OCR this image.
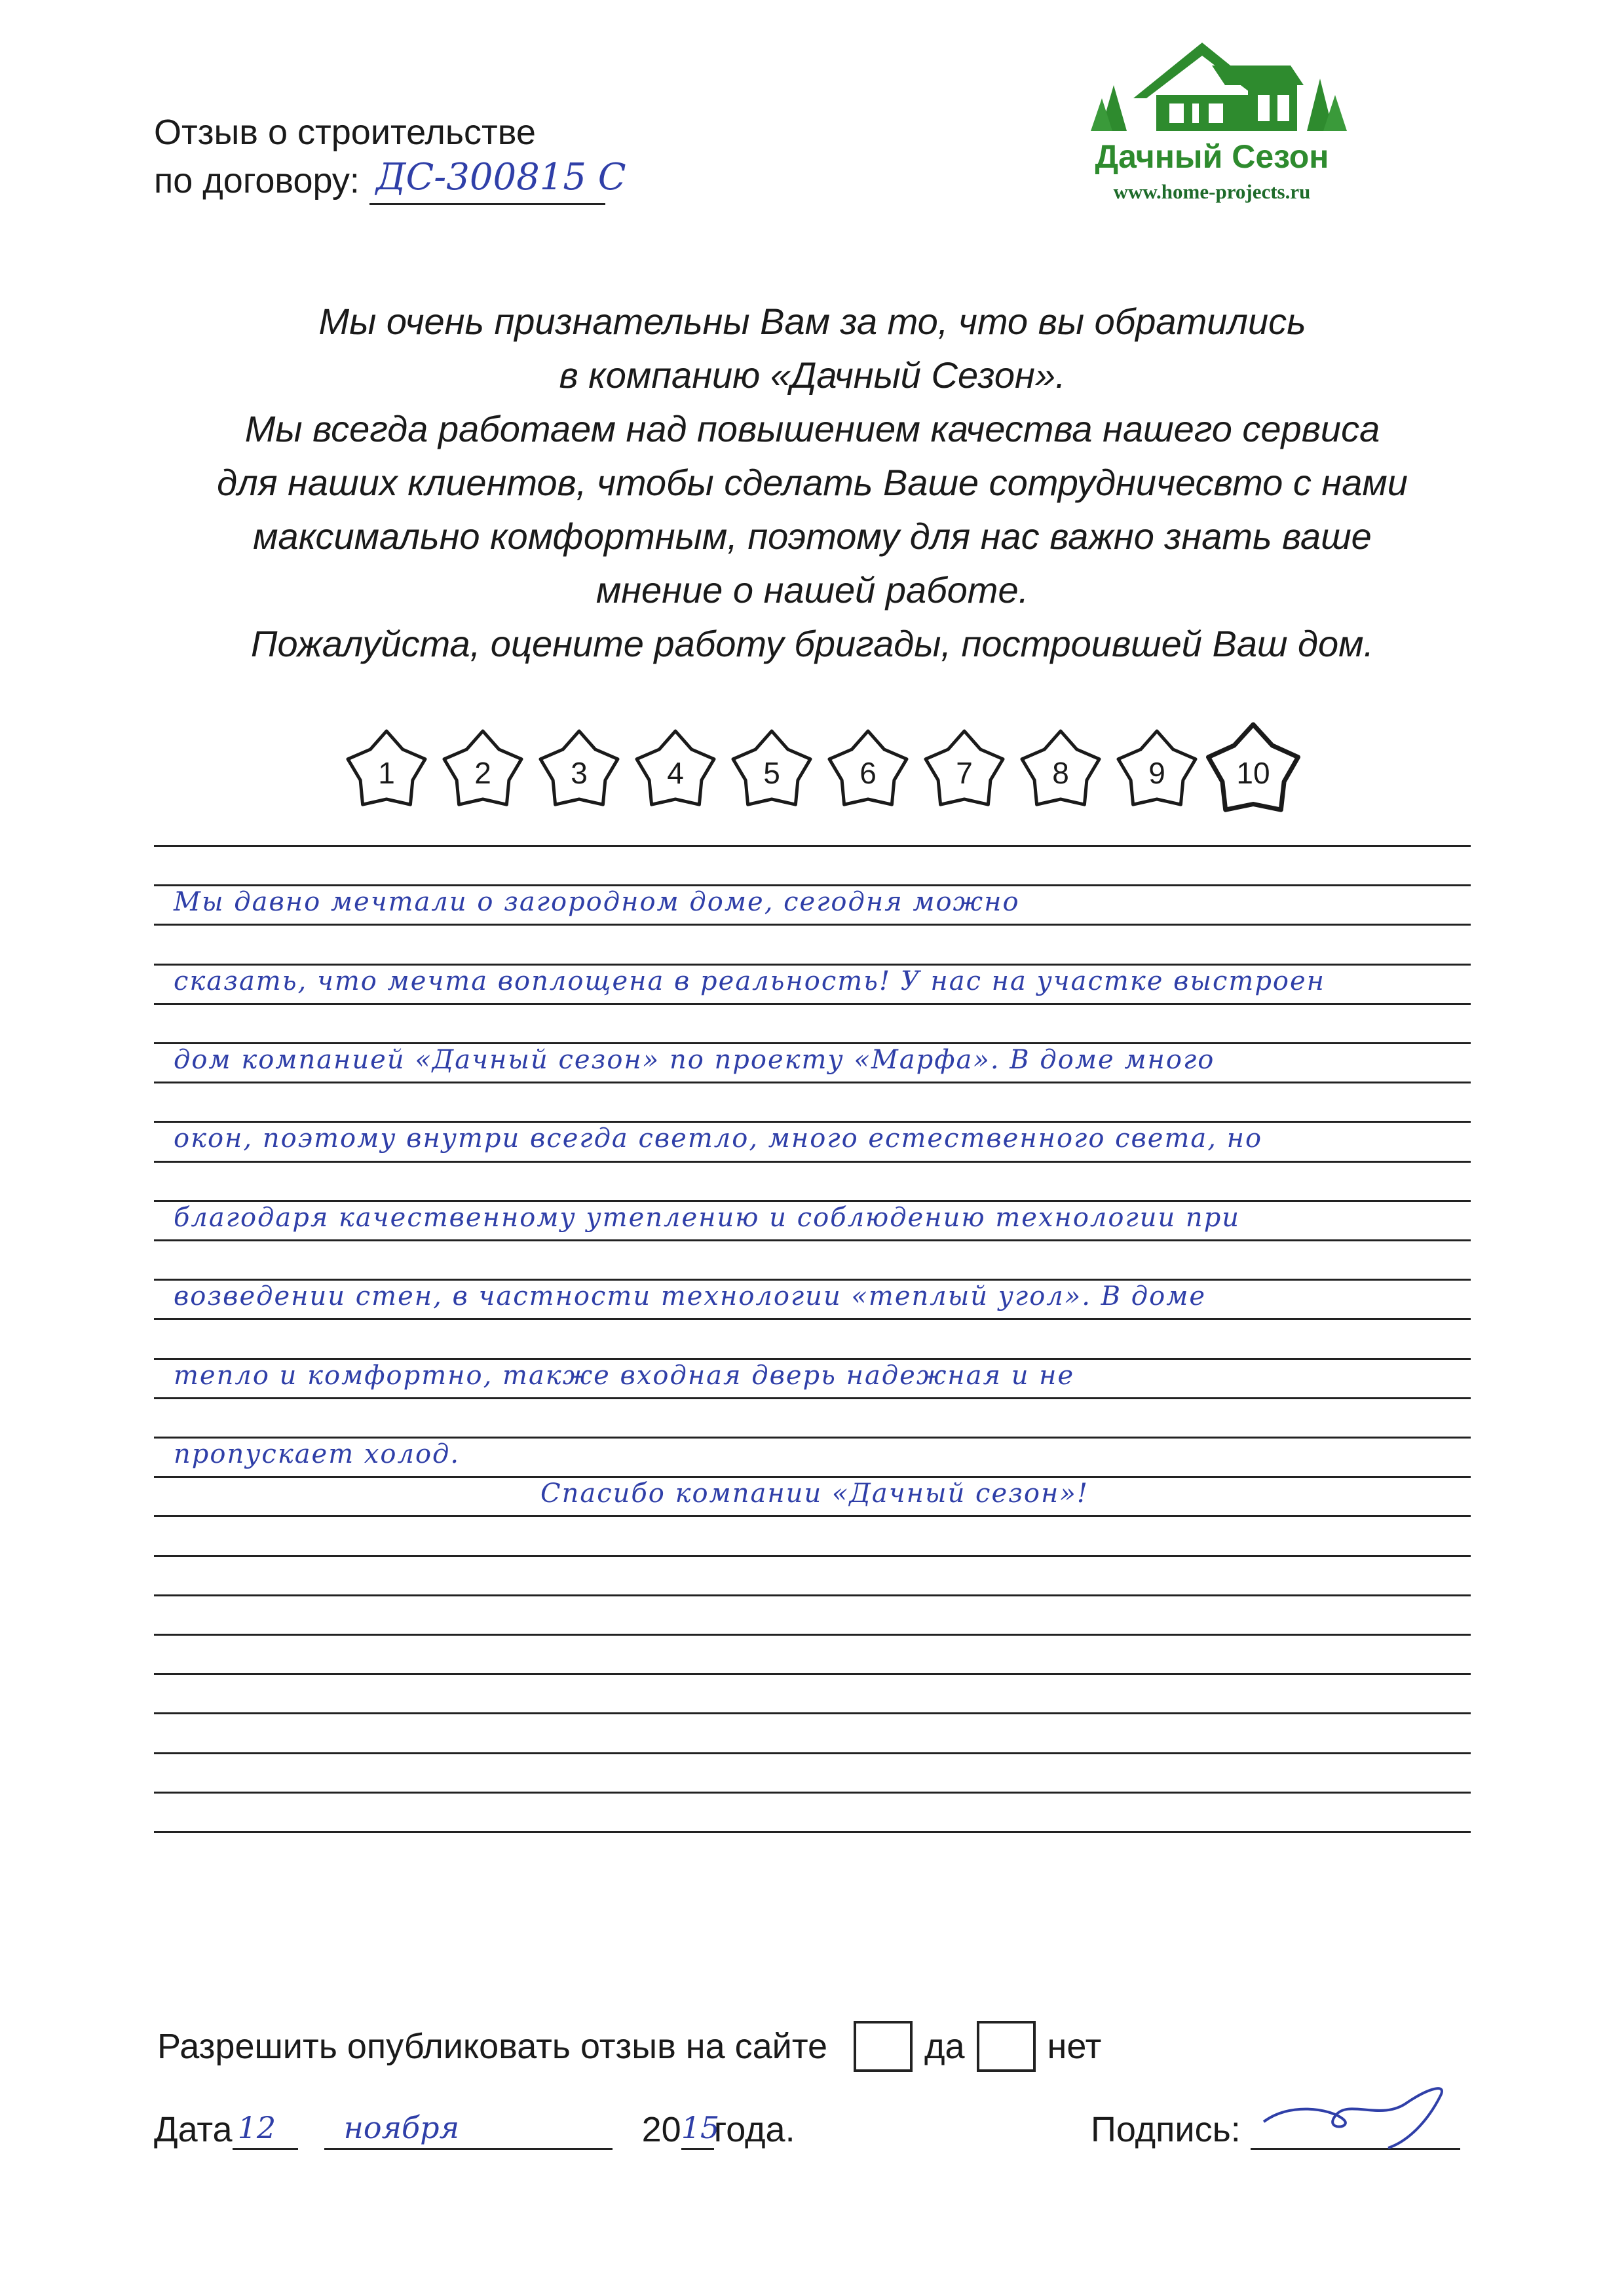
Отзыв о строительстве
по договору: ДС-300815 С	Дачный Сезон
www.home-projects.ru

Мы очень признательны Вам за то, что вы обратились

в компанию «Дачный Сезон».

Мы всегда работаем над повышением качества нашего сервиса

для наших клиентов, чтобы сделать Ваше сотрудничесвто с нами

максимально комфортным, поэтому для нас важно знать ваше

мнение о нашей работе.

Пожалуйста, оцените работу бригады, построившей Ваш дом.

1	2	3	4	5	6	7	8	9 10
Мы давно мечтали о загородном доме, сегодня можно
сказать, что мечта воплощена в реальность! У нас на участке выстроен
дом компанией «Дачный сезон» по проекту «Марфа». В доме много
окон, поэтому внутри всегда светло, много естественного света, но
благодаря качественному утеплению и соблюдению технологии при
возведении стен, в частности технологии «теплый угол». В доме
тепло и комфортно, также входная дверь надежная и не
пропускает холод.
Спасибо компании «Дачный сезон»!
Разрешить опубликовать отзыв на сайте	да нет
Дата 12
ноября	20 15
года.	Подпись:
